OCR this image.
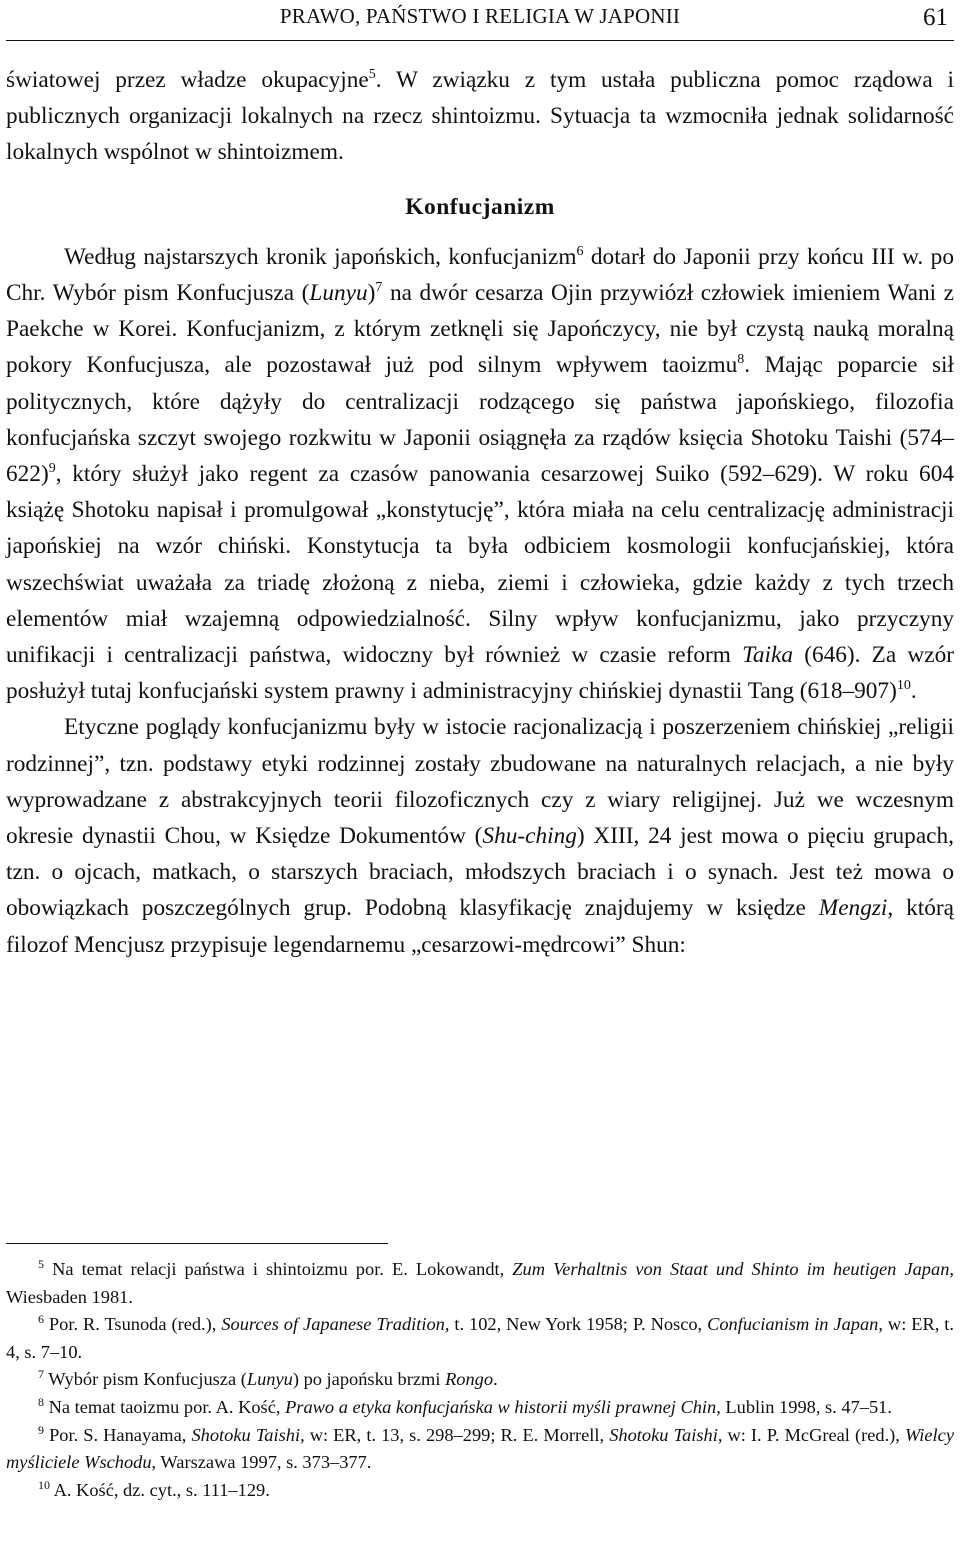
PRAWO, PAŃSTWO I RELIGIA W JAPONII	61

światowej przez władze okupacyjne$^5$. W związku z tym ustała publiczna pomoc rządowa i publicznych organizacji lokalnych na rzecz shintoizmu. Sytuacja ta wzmocniła jednak solidarność lokalnych wspólnot w shintoizmem.

Konfucjanizm

Według najstarszych kronik japońskich, konfucjanizm$^6$ dotarł do Japonii przy końcu III w. po Chr. Wybór pism Konfucjusza (Lunyu)$^7$ na dwór cesarza Ojin przywiózł człowiek imieniem Wani z Paekche w Korei. Konfucjanizm, z którym zetknęli się Japończycy, nie był czystą nauką moralną pokory Konfucjusza, ale pozostawał już pod silnym wpływem taoizmu$^8$. Mając poparcie sił politycznych, które dążyły do centralizacji rodzącego się państwa japońskiego, filozofia konfucjańska szczyt swojego rozkwitu w Japonii osiągnęła za rządów księcia Shotoku Taishi $(574-622)^9$, który służył jako regent za czasów panowania cesarzowej Suiko (592–629). W roku 604 książę Shotoku napisał i promulgował „konstytucję”, która miała na celu centralizację administracji japońskiej na wzór chiński. Konstytucja ta była odbiciem kosmologii konfucjańskiej, która wszechświat uważała za triadę złożoną z nieba, ziemi i człowieka, gdzie każdy z tych trzech elementów miał wzajemną odpowiedzialność. Silny wpływ konfucjanizmu, jako przyczyny unifikacji i centralizacji państwa, widoczny był również w czasie reform Taika (646). Za wzór posłużył tutaj konfucjański system prawny i administracyjny chińskiej dynastii Tang $(618-907)^{10}$.

Etyczne poglądy konfucjanizmu były w istocie racjonalizacją i poszerzeniem chińskiej „religii rodzinnej”, tzn. podstawy etyki rodzinnej zostały zbudowane na naturalnych relacjach, a nie były wyprowadzane z abstrakcyjnych teorii filozoficznych czy z wiary religijnej. Już we wczesnym okresie dynastii Chou, w Księdze Dokumentów (Shu-ching) XIII, 24 jest mowa o pięciu grupach, tzn. o ojcach, matkach, o starszych braciach, młodszych braciach i o synach. Jest też mowa o obowiązkach poszczególnych grup. Podobną klasyfikację znajdujemy w księdze Mengzi, którą filozof Mencjusz przypisuje legendarnemu „cesarzowi-mędrcowi” Shun:

$^5$ Na temat relacji państwa i shintoizmu por. E. Lokowandt, Zum Verhaltnis von Staat und Shinto im heutigen Japan, Wiesbaden 1981.

$^6$ Por. R. Tsunoda (red.), Sources of Japanese Tradition, t. 102, New York 1958; P. Nosco, Confucianism in Japan, w: ER, t. 4, s. 7–10.

$^7$ Wybór pism Konfucjusza (Lunyu) po japońsku brzmi Rongo.

$^8$ Na temat taoizmu por. A. Kość, Prawo a etyka konfucjańska w historii myśli prawnej Chin, Lublin 1998, s. 47–51.

$^9$ Por. S. Hanayama, Shotoku Taishi, w: ER, t. 13, s. 298–299; R. E. Morrell, Shotoku Taishi, w: I. P. McGreal (red.), Wielcy myśliciele Wschodu, Warszawa 1997, s. 373–377.

$^{10}$ A. Kość, dz. cyt., s. 111–129.
